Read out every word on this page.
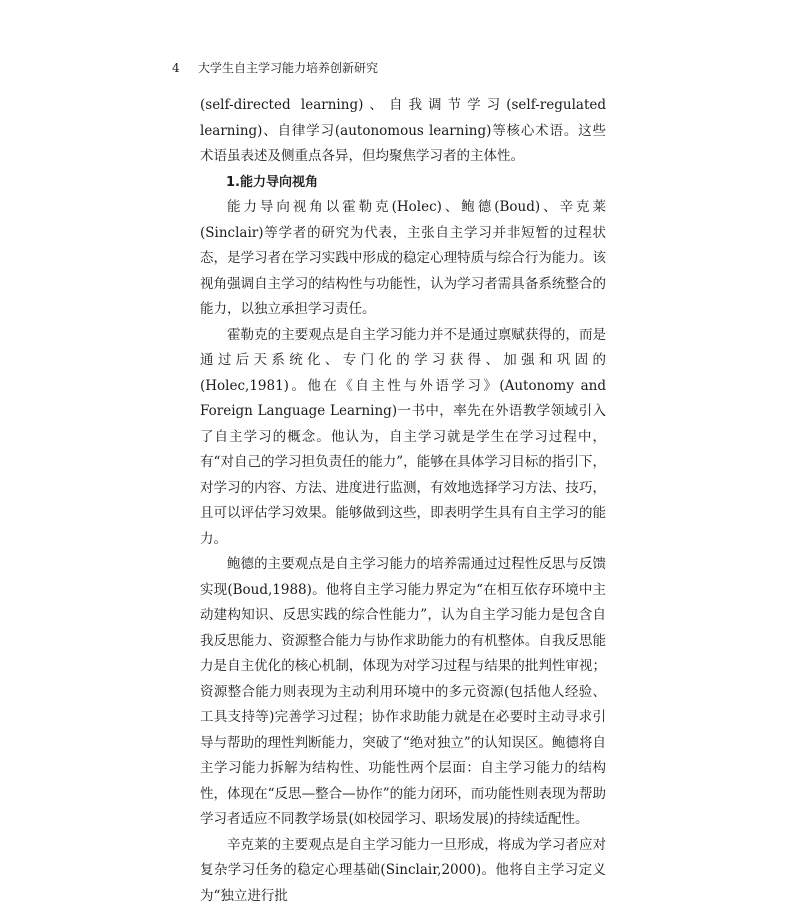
4 大学生自主学习能力培养创新研究

(self-directed learning)、自我调节学习(self-regulated learning)、自律学习(autonomous learning)等核心术语。这些术语虽表述及侧重点各异，但均聚焦学习者的主体性。

1.能力导向视角

能力导向视角以霍勒克(Holec)、鲍德(Boud)、辛克莱(Sinclair)等学者的研究为代表，主张自主学习并非短暂的过程状态，是学习者在学习实践中形成的稳定心理特质与综合行为能力。该视角强调自主学习的结构性与功能性，认为学习者需具备系统整合的能力，以独立承担学习责任。

霍勒克的主要观点是自主学习能力并不是通过禀赋获得的，而是通过后天系统化、专门化的学习获得、加强和巩固的(Holec,1981)。他在《自主性与外语学习》(Autonomy and Foreign Language Learning)一书中，率先在外语教学领域引入了自主学习的概念。他认为，自主学习就是学生在学习过程中，有“对自己的学习担负责任的能力”，能够在具体学习目标的指引下，对学习的内容、方法、进度进行监测，有效地选择学习方法、技巧，且可以评估学习效果。能够做到这些，即表明学生具有自主学习的能力。

鲍德的主要观点是自主学习能力的培养需通过过程性反思与反馈实现(Boud,1988)。他将自主学习能力界定为“在相互依存环境中主动建构知识、反思实践的综合性能力”，认为自主学习能力是包含自我反思能力、资源整合能力与协作求助能力的有机整体。自我反思能力是自主优化的核心机制，体现为对学习过程与结果的批判性审视；资源整合能力则表现为主动利用环境中的多元资源(包括他人经验、工具支持等)完善学习过程；协作求助能力就是在必要时主动寻求引导与帮助的理性判断能力，突破了“绝对独立”的认知误区。鲍德将自主学习能力拆解为结构性、功能性两个层面：自主学习能力的结构性，体现在“反思—整合—协作”的能力闭环，而功能性则表现为帮助学习者适应不同教学场景(如校园学习、职场发展)的持续适配性。

辛克莱的主要观点是自主学习能力一旦形成，将成为学习者应对复杂学习任务的稳定心理基础(Sinclair,2000)。他将自主学习定义为“独立进行批
